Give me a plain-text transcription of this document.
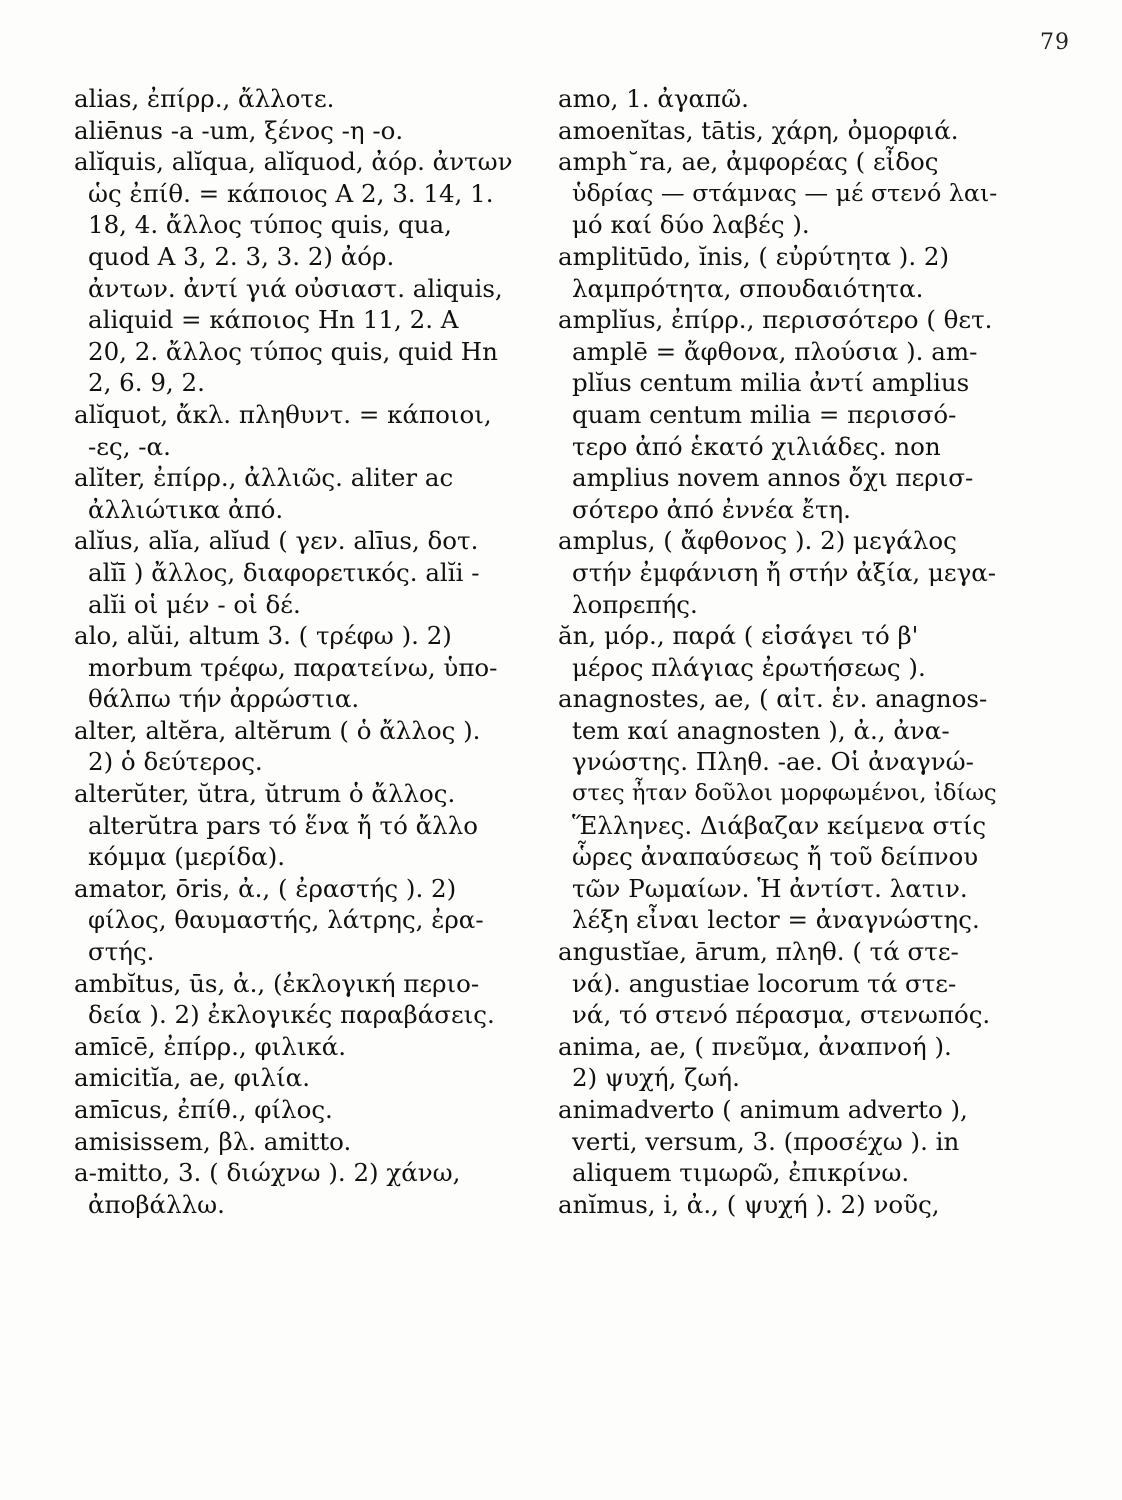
79
alias, ἐπίρρ., ἄλλοτε.
aliēnus -a -um, ξένος -η -ο.
alĭquis, alĭqua, alĭquod, ἀόρ. ἀντων
ὡς ἐπίθ. = κάποιος A 2, 3. 14, 1.
18, 4. ἄλλος τύπος quis, qua,
quod A 3, 2. 3, 3. 2) ἀόρ.
ἀντων. ἀντί γιά οὐσιαστ. aliquis,
aliquid = κάποιος Hn 11, 2. A
20, 2. ἄλλος τύπος quis, quid Hn
2, 6. 9, 2.
alĭquot, ἄκλ. πληθυντ. = κάποιοι,
-ες, -α.
alĭter, ἐπίρρ., ἀλλιῶς. aliter ac
ἀλλιώτικα ἀπό.
alĭus, alĭa, alĭud ( γεν. alīus, δοτ.
alĭī ) ἄλλος, διαφορετικός. alĭi -
alĭi οἱ μέν - οἱ δέ.
alo, alŭi, altum 3. ( τρέφω ). 2)
morbum τρέφω, παρατείνω, ὑπο-
θάλπω τήν ἀρρώστια.
alter, altĕra, altĕrum ( ὁ ἄλλος ).
2) ὁ δεύτερος.
alterŭter, ŭtra, ŭtrum ὁ ἄλλος.
alterŭtra pars τό ἕνα ἤ τό ἄλλο
κόμμα (μερίδα).
amator, ōris, ἀ., ( ἐραστής ). 2)
φίλος, θαυμαστής, λάτρης, ἐρα-
στής.
ambĭtus, ūs, ἀ., (ἐκλογική περιο-
δεία ). 2) ἐκλογικές παραβάσεις.
amīcē, ἐπίρρ., φιλικά.
amicitĭa, ae, φιλία.
amīcus, ἐπίθ., φίλος.
amisissem, βλ. amitto.
a-mitto, 3. ( διώχνω ). 2) χάνω,
ἀποβάλλω.
amo, 1. ἀγαπῶ.
amoenĭtas, tātis, χάρη, ὀμορφιά.
amph˘ra, ae, ἀμφορέας ( εἶδος
ὑδρίας — στάμνας — μέ στενό λαι-
μό καί δύο λαβές ).
amplitūdo, ĭnis, ( εὐρύτητα ). 2)
λαμπρότητα, σπουδαιότητα.
amplĭus, ἐπίρρ., περισσότερο ( θετ.
amplē = ἄφθονα, πλούσια ). am-
plĭus centum milia ἀντί amplius
quam centum milia = περισσό-
τερο ἀπό ἑκατό χιλιάδες. non
amplius novem annos ὄχι περισ-
σότερο ἀπό ἐννέα ἔτη.
amplus, ( ἄφθονος ). 2) μεγάλος
στήν ἐμφάνιση ἤ στήν ἀξία, μεγα-
λοπρεπής.
ăn, μόρ., παρά ( εἰσάγει τό β'
μέρος πλάγιας ἐρωτήσεως ).
anagnostes, ae, ( αἰτ. ἑν. anagnos-
tem καί anagnosten ), ἀ., ἀνα-
γνώστης. Πληθ. -ae. Οἱ ἀναγνώ-
στες ἦταν δοῦλοι μορφωμένοι, ἰδίως
Ἕλληνες. Διάβαζαν κείμενα στίς
ὧρες ἀναπαύσεως ἤ τοῦ δείπνου
τῶν Ρωμαίων. Ἡ ἀντίστ. λατιν.
λέξη εἶναι lector = ἀναγνώστης.
angustĭae, ārum, πληθ. ( τά στε-
νά). angustiae locorum τά στε-
νά, τό στενό πέρασμα, στενωπός.
anima, ae, ( πνεῦμα, ἀναπνοή ).
2) ψυχή, ζωή.
animadverto ( animum adverto ),
verti, versum, 3. (προσέχω ). in
aliquem τιμωρῶ, ἐπικρίνω.
anĭmus, i, ἀ., ( ψυχή ). 2) νοῦς,
